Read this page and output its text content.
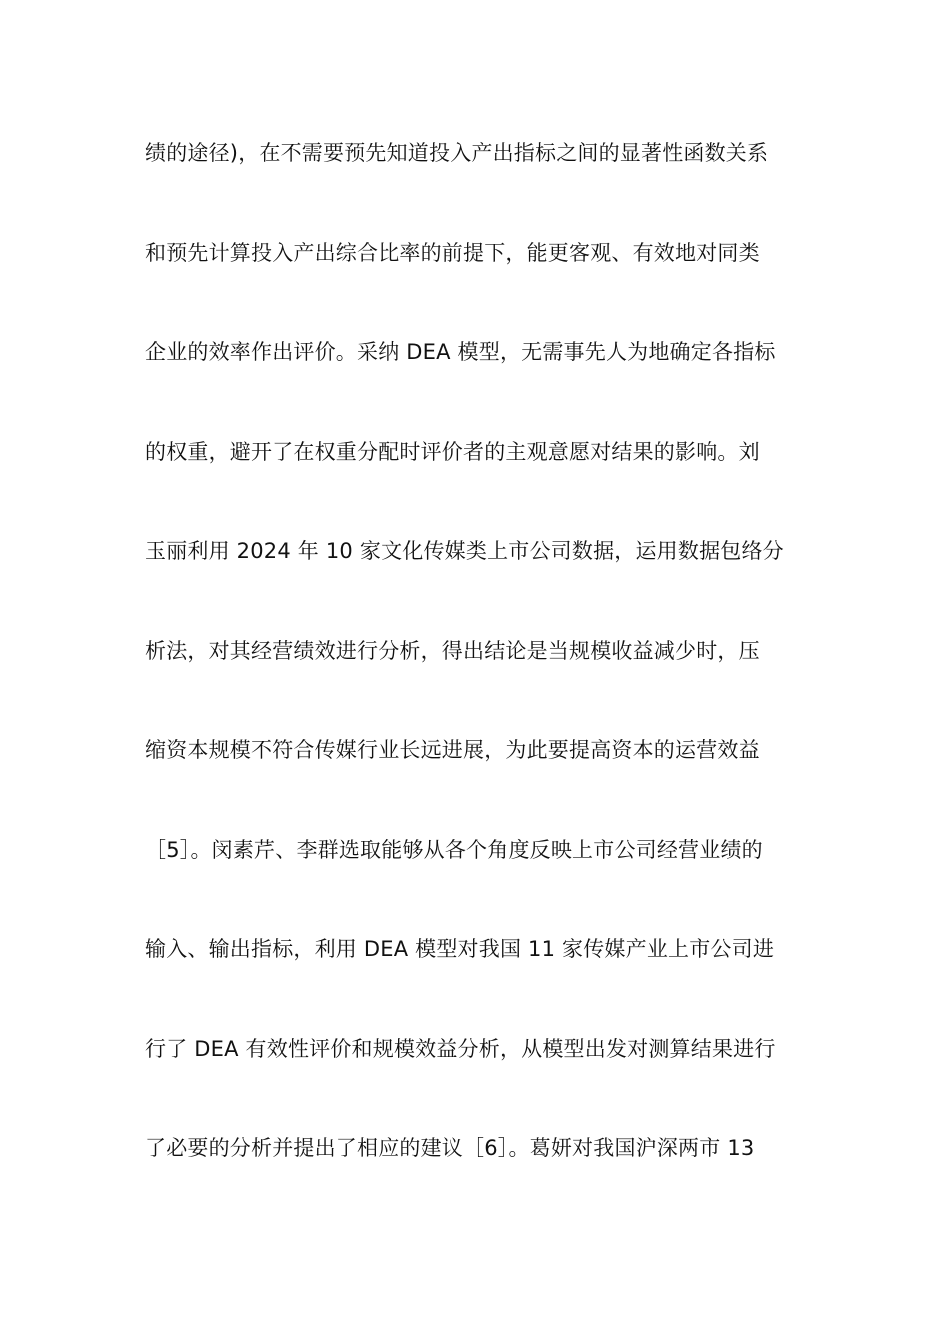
绩的途径)，在不需要预先知道投入产出指标之间的显著性函数关系
和预先计算投入产出综合比率的前提下，能更客观、有效地对同类
企业的效率作出评价。采纳 DEA 模型，无需事先人为地确定各指标
的权重，避开了在权重分配时评价者的主观意愿对结果的影响。刘
玉丽利用 2024 年 10 家文化传媒类上市公司数据，运用数据包络分
析法，对其经营绩效进行分析，得出结论是当规模收益减少时，压
缩资本规模不符合传媒行业长远进展，为此要提高资本的运营效益
［5］。闵素芹、李群选取能够从各个角度反映上市公司经营业绩的
输入、输出指标，利用 DEA 模型对我国 11 家传媒产业上市公司进
行了 DEA 有效性评价和规模效益分析，从模型出发对测算结果进行
了必要的分析并提出了相应的建议［6］。葛妍对我国沪深两市 13
